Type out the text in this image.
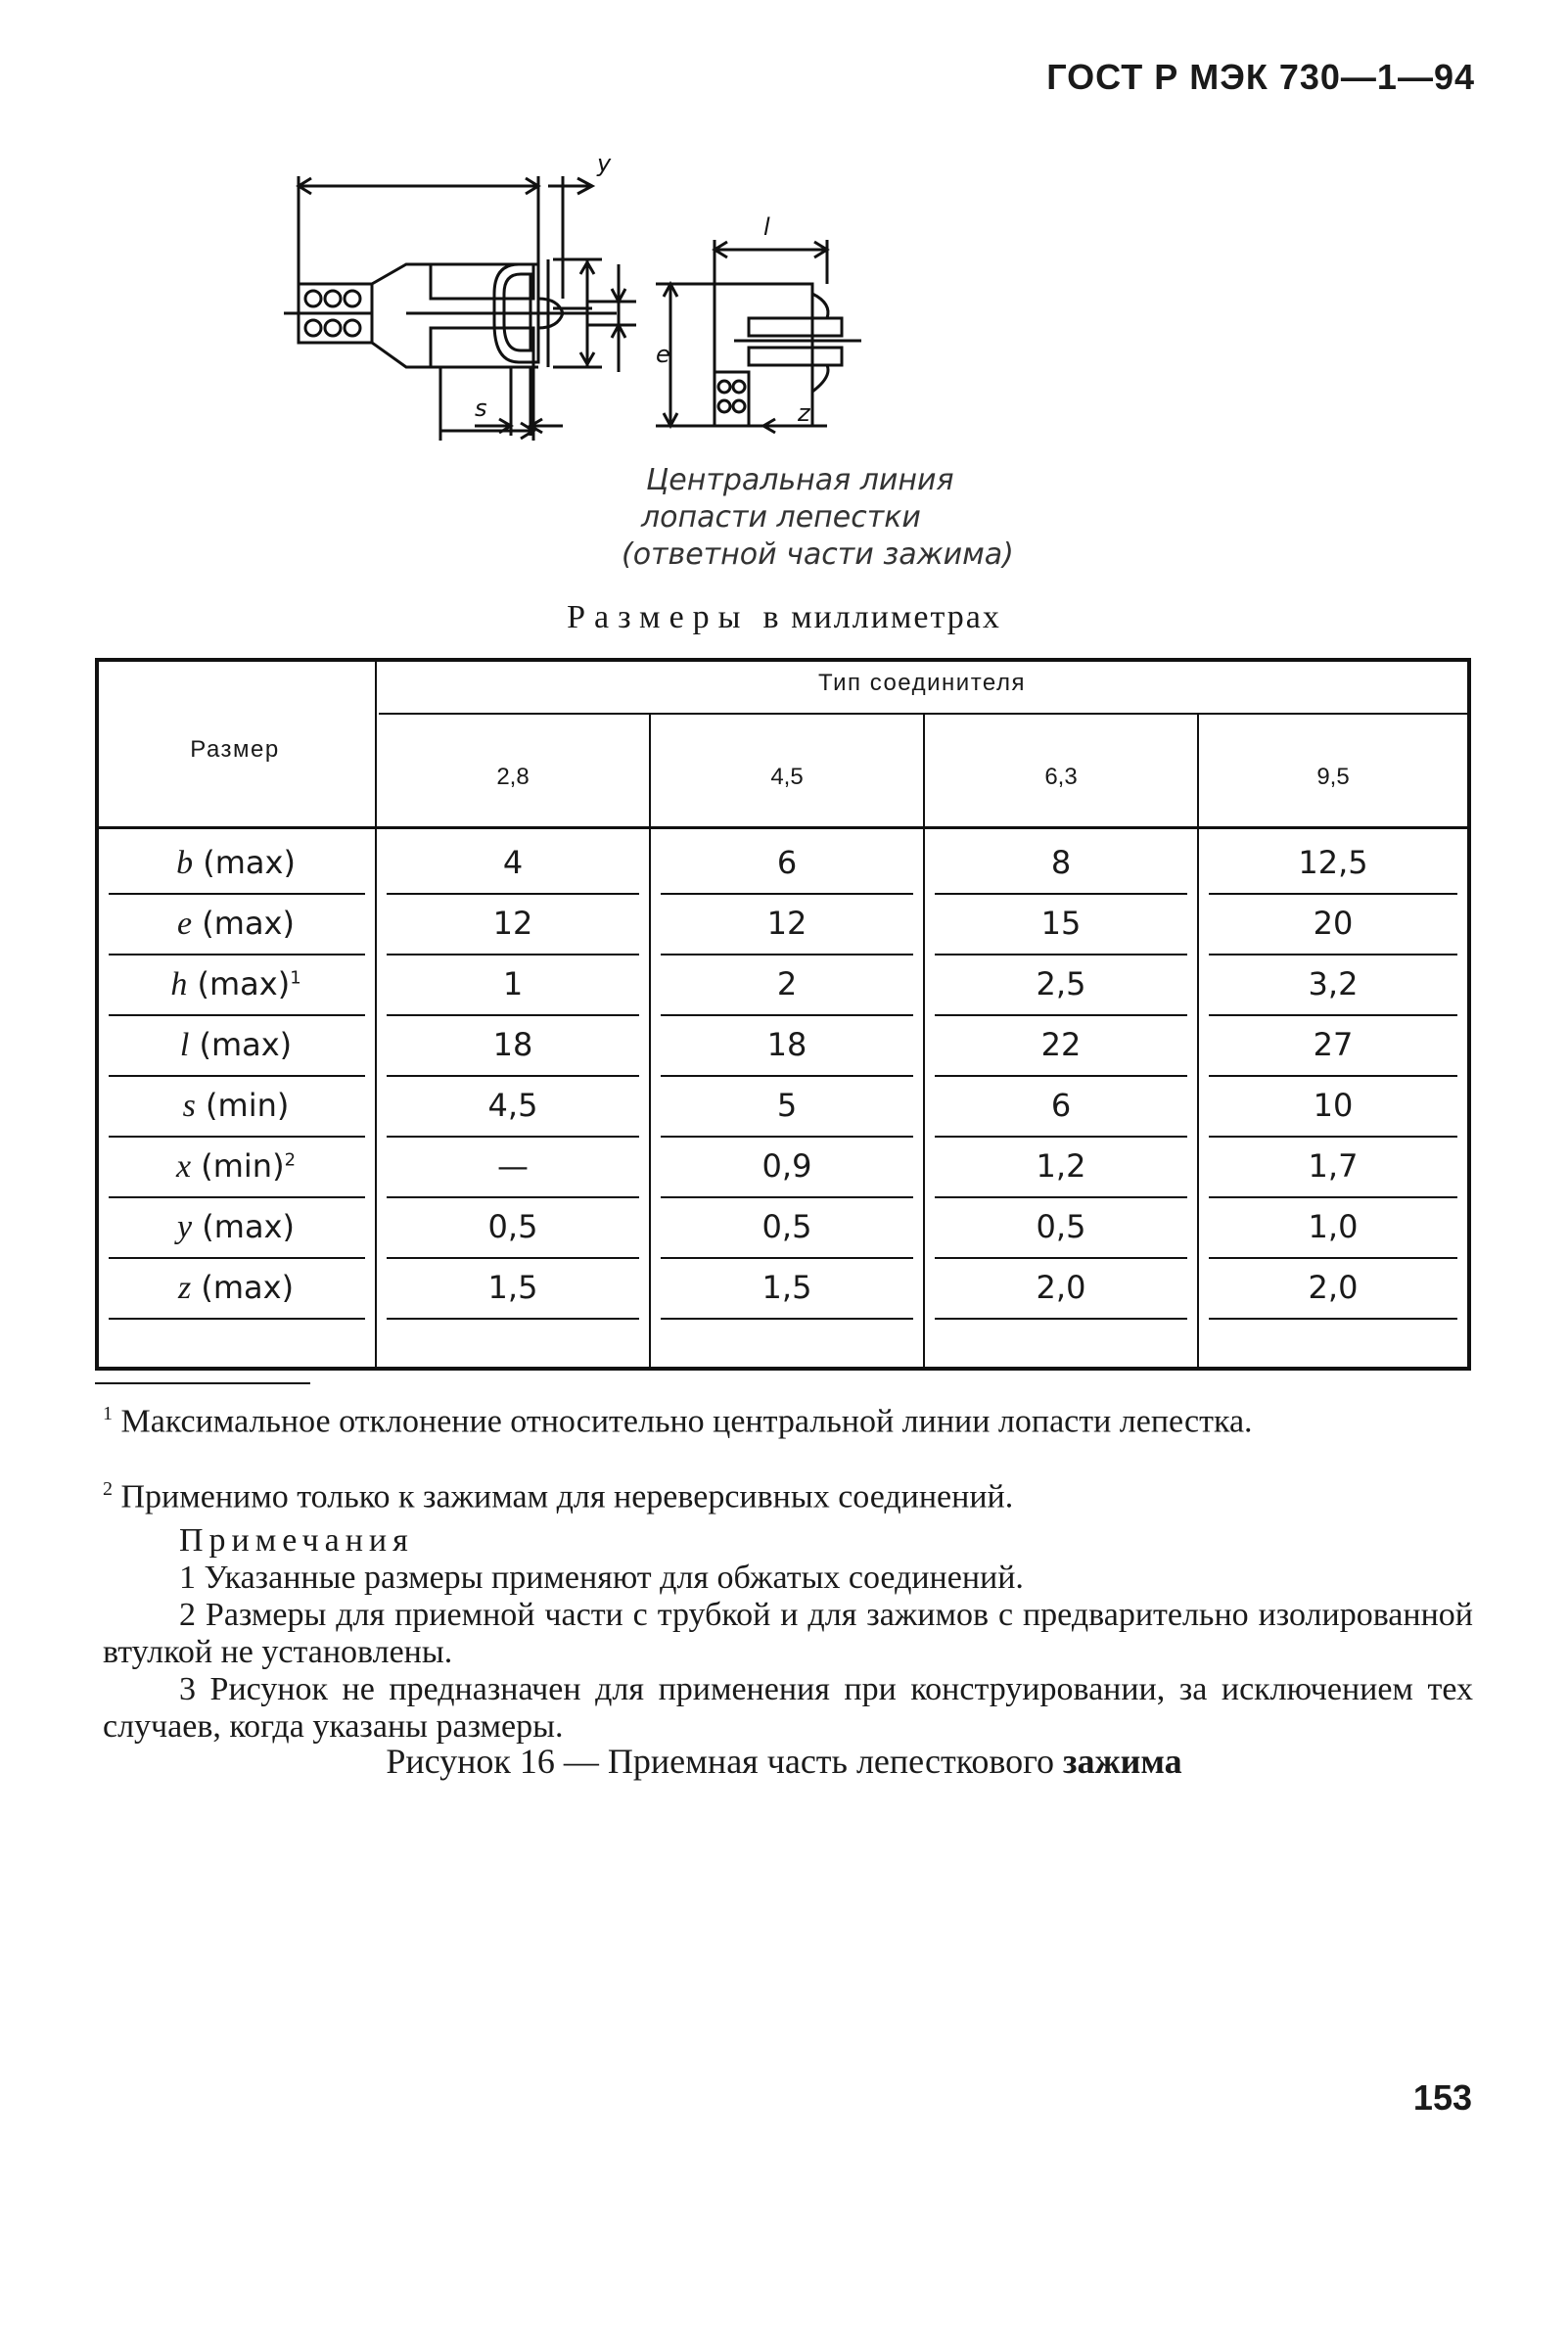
ГОСТ Р МЭК 730—1—94
y
s
l
e
z
Центральная линия
лопасти лепестки
(ответной части зажима)
Размеры в миллиметрах
Тип соединителя
Размер
2,8	4,5	6,3	9,5
b (max)	4	6	8	12,5
e (max)	12	12	15	20
h $(\max)^1$	1	2	2,5	3,2
l (max)	18	18	22	27
s (min)	4,5	5	6	10
x $(\min)^2$	—	0,9	1,2	1,7
y (max)	0,5	0,5	0,5	1,0
z (max)	1,5	1,5	2,0	2,0
$^1$ Максимальное отклонение относительно центральной линии лопасти лепестка.
$^2$ Применимо только к зажимам для нереверсивных соединений.
Примечания
1 Указанные размеры применяют для обжатых соединений.
2 Размеры для приемной части с трубкой и для зажимов с предварительно изолированной втулкой не установлены.
3 Рисунок не предназначен для применения при конструировании, за исключением тех случаев, когда указаны размеры.
Рисунок 16 — Приемная часть лепесткового зажима
153
